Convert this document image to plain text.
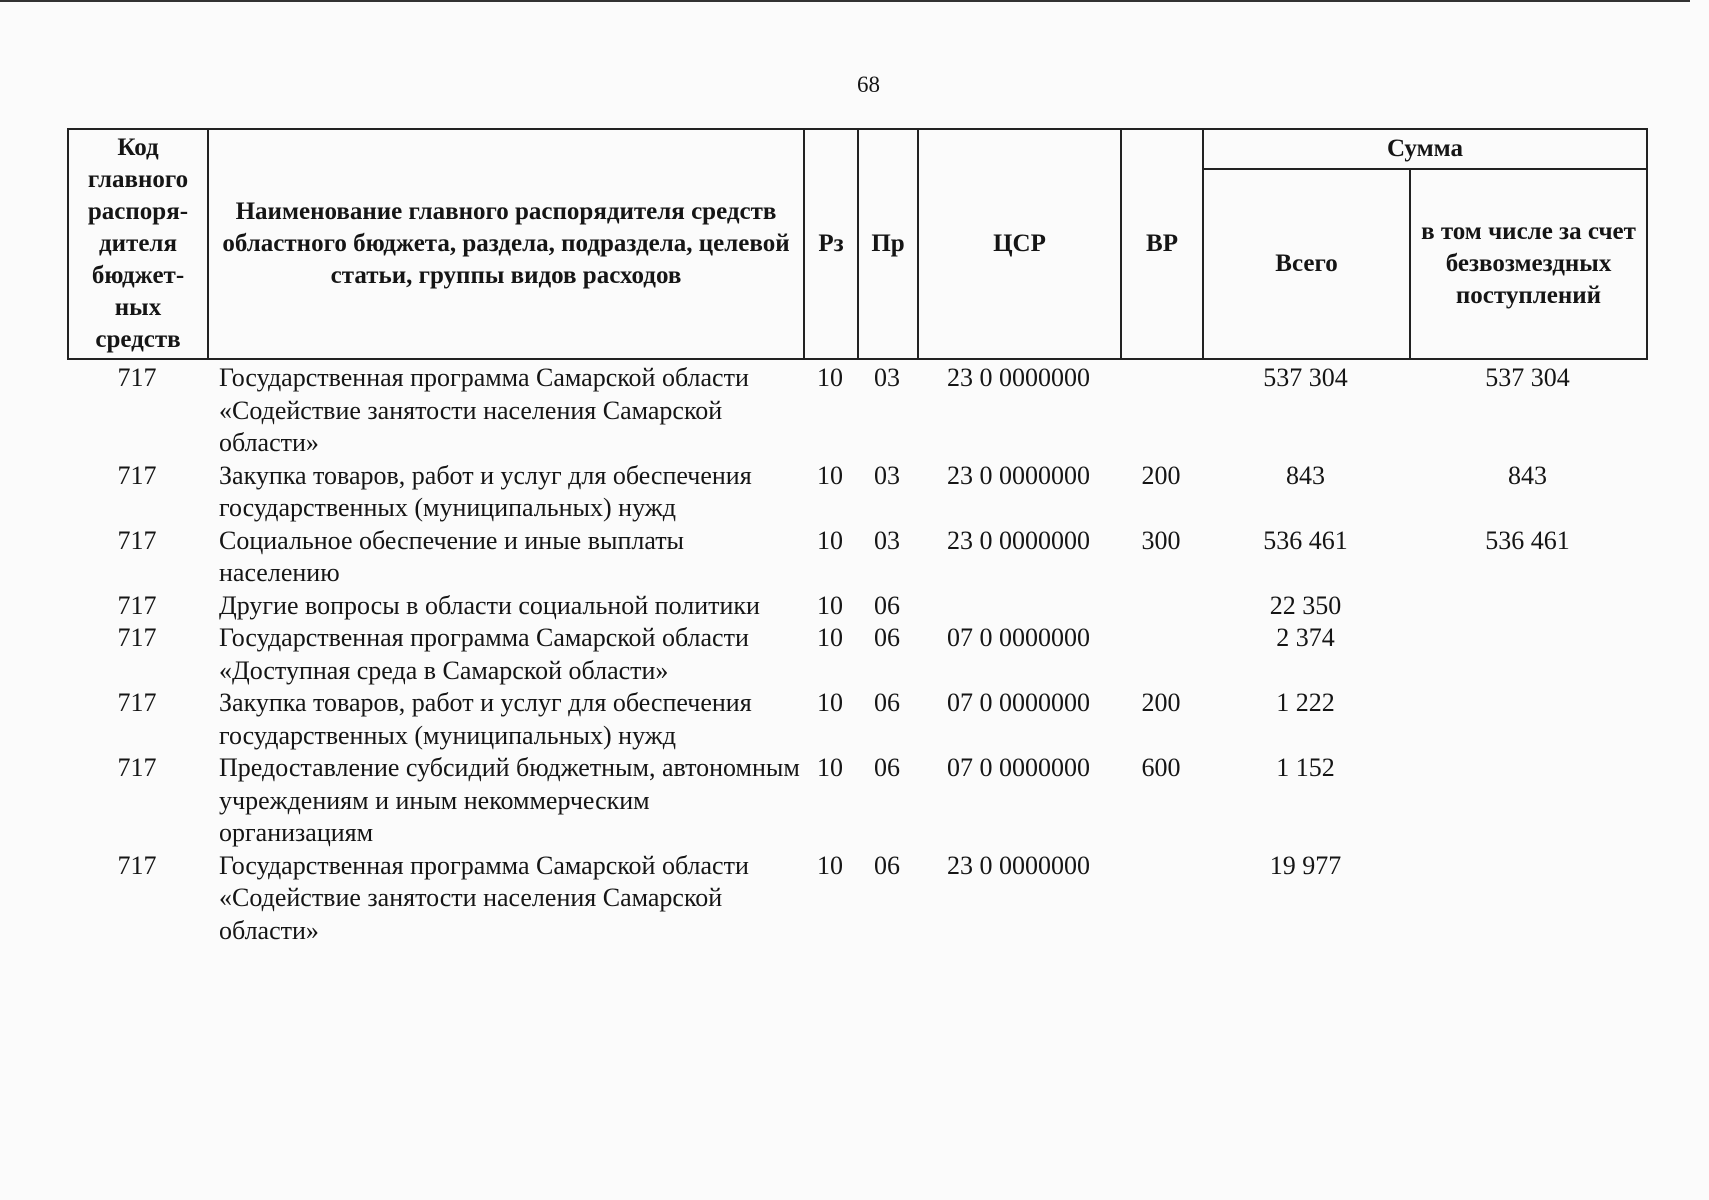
68
Код главного распоря- дителя бюджет- ных средств	Наименование главного распорядителя средств областного бюджета, раздела, подраздела, целевой статьи, группы видов расходов	Рз	Пр	ЦСР	ВР	Сумма	
						Всего	в том числе за счет безвозмездных поступлений
717	Государственная программа Самарской области «Содействие занятости населения Самарской области»	10	03	23 0 0000000		537 304	537 304
717	Закупка товаров, работ и услуг для обеспечения государственных (муниципальных) нужд	10	03	23 0 0000000	200	843	843
717	Социальное обеспечение и иные выплаты населению	10	03	23 0 0000000	300	536 461	536 461
717	Другие вопросы в области социальной политики	10	06			22 350	
717	Государственная программа Самарской области «Доступная среда в Самарской области»	10	06	07 0 0000000		2 374	
717	Закупка товаров, работ и услуг для обеспечения государственных (муниципальных) нужд	10	06	07 0 0000000	200	1 222	
717	Предоставление субсидий бюджетным, автономным учреждениям и иным некоммерческим организациям	10	06	07 0 0000000	600	1 152	
717	Государственная программа Самарской области «Содействие занятости населения Самарской области»	10	06	23 0 0000000		19 977	
